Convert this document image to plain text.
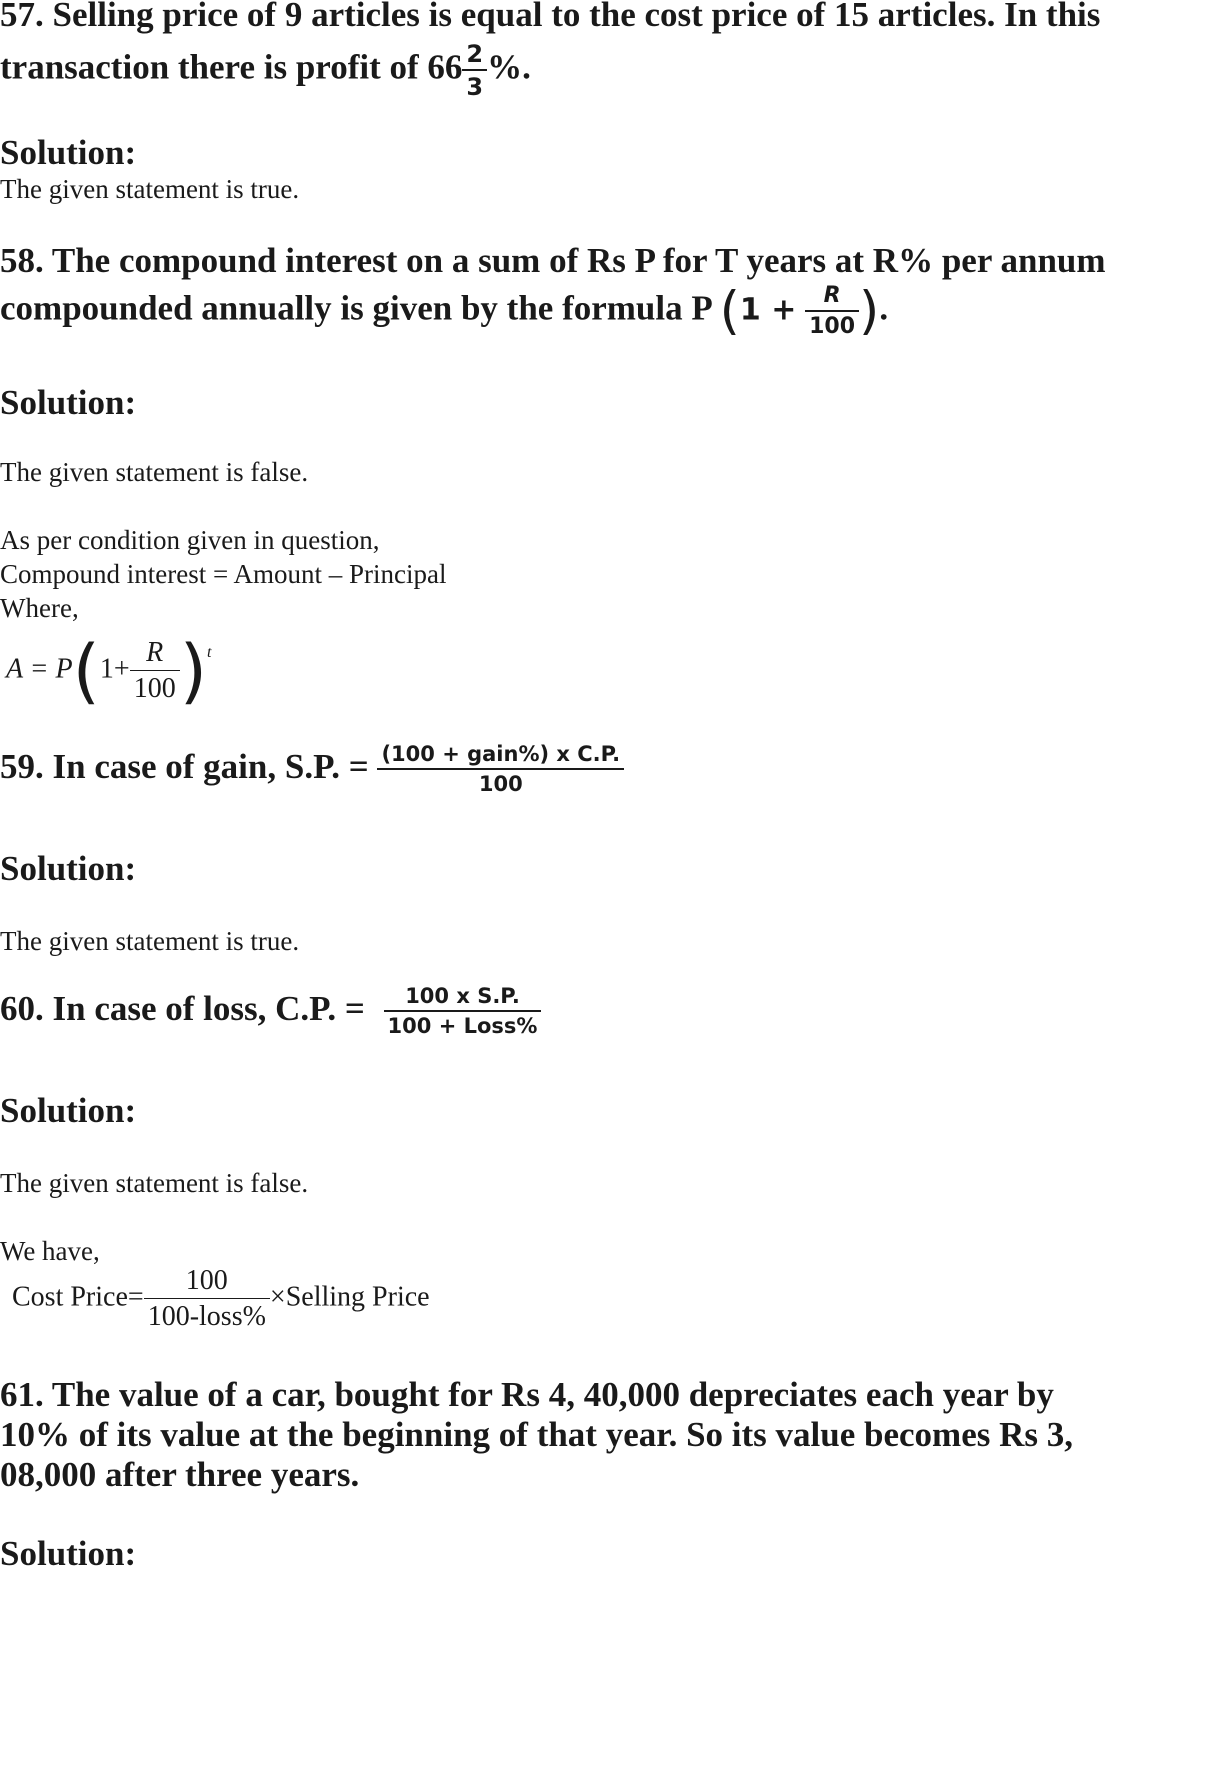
57. Selling price of 9 articles is equal to the cost price of 15 articles. In this
transaction there is profit of $66 \frac{2}{3}$ %.
Solution:
The given statement is true.
58. The compound interest on a sum of Rs P for T years at R% per annum
compounded annually is given by the formula P ($1 + \frac{R}{100}$ ).
Solution:
The given statement is false.
As per condition given in question,
Compound interest = Amount – Principal
Where,
$A = P(1+ \frac{R}{100} )^t$
59. In case of gain, S.P. = $\frac{\text{(100 + gain\%) x C.P.}}{100}$
Solution:
The given statement is true.
60. In case of loss, C.P. = $\frac{\text{100 x S.P.}}{\text{100 + Loss\%}}$
Solution:
The given statement is false.
We have,
Cost Price= $\frac{100}{\text{100-loss\%}}$ ×Selling Price
61. The value of a car, bought for Rs 4, 40,000 depreciates each year by
10% of its value at the beginning of that year. So its value becomes Rs 3,
08,000 after three years.
Solution:
